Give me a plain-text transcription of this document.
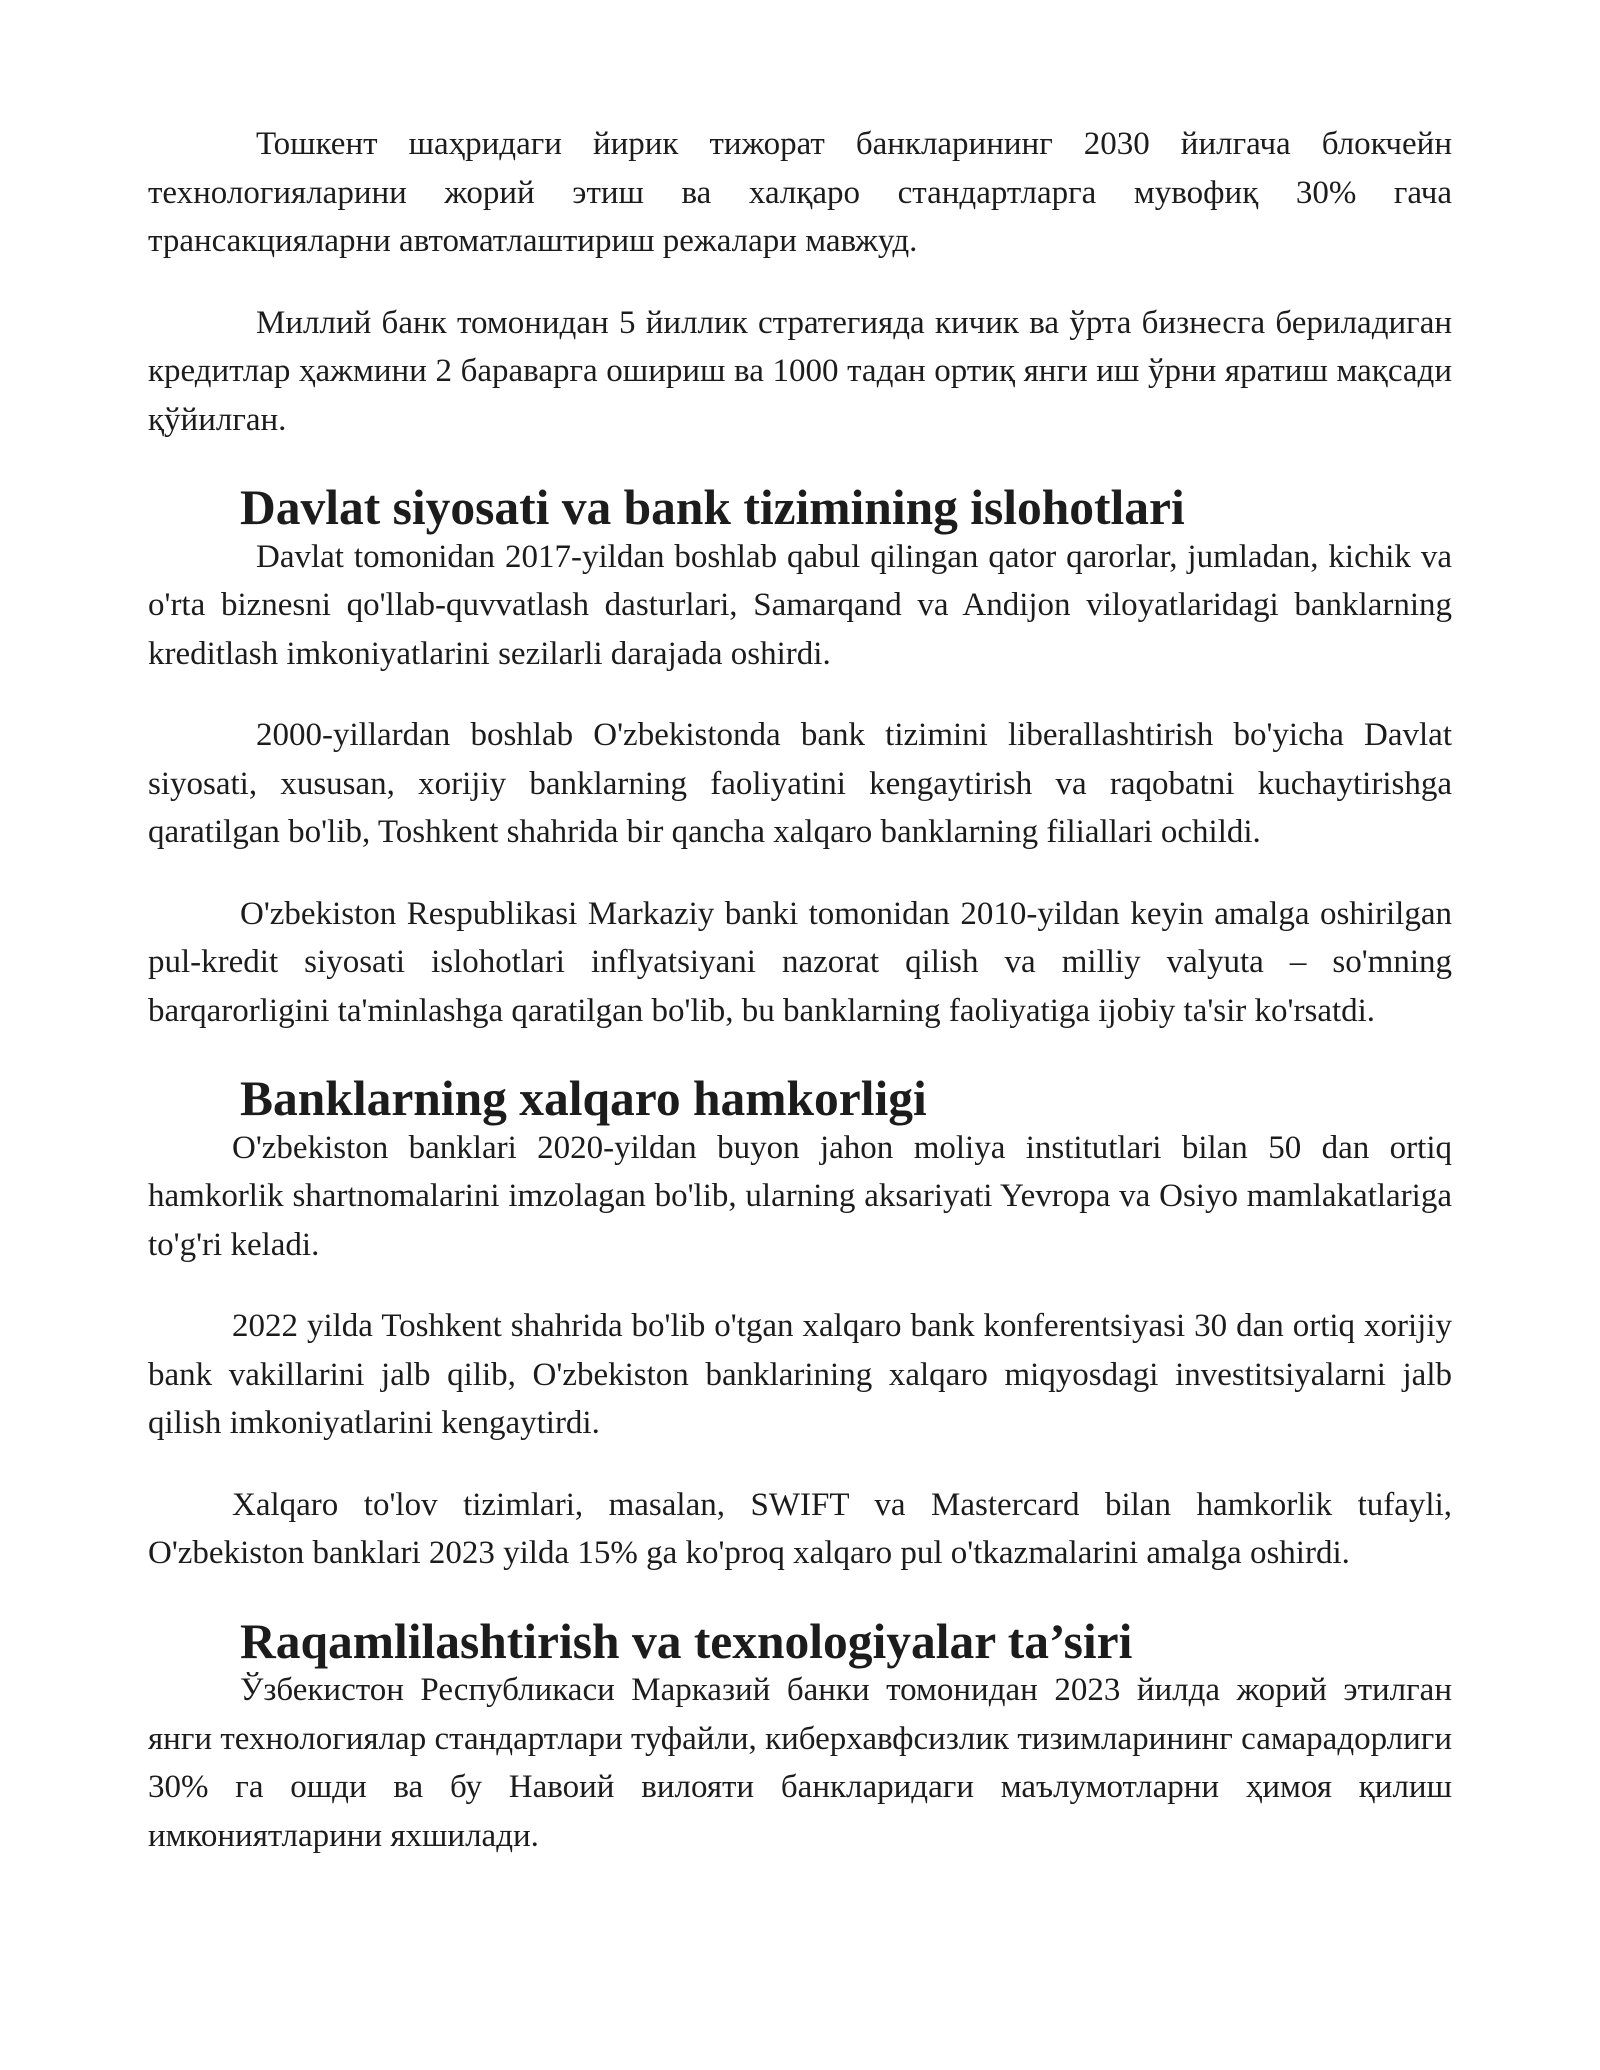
Тошкент шаҳридаги йирик тижорат банкларининг 2030 йилгача блокчейн технологияларини жорий этиш ва халқаро стандартларга мувофиқ 30% гача трансакцияларни автоматлаштириш режалари мавжуд.

Миллий банк томонидан 5 йиллик стратегияда кичик ва ўрта бизнесга бериладиган кредитлар ҳажмини 2 бараварга ошириш ва 1000 тадан ортиқ янги иш ўрни яратиш мақсади қўйилган.

Davlat siyosati va bank tizimining islohotlari

Davlat tomonidan 2017-yildan boshlab qabul qilingan qator qarorlar, jumladan, kichik va o'rta biznesni qo'llab-quvvatlash dasturlari, Samarqand va Andijon viloyatlaridagi banklarning kreditlash imkoniyatlarini sezilarli darajada oshirdi.

2000-yillardan boshlab O'zbekistonda bank tizimini liberallashtirish bo'yicha Davlat siyosati, xususan, xorijiy banklarning faoliyatini kengaytirish va raqobatni kuchaytirishga qaratilgan bo'lib, Toshkent shahrida bir qancha xalqaro banklarning filiallari ochildi.

O'zbekiston Respublikasi Markaziy banki tomonidan 2010-yildan keyin amalga oshirilgan pul-kredit siyosati islohotlari inflyatsiyani nazorat qilish va milliy valyuta – so'mning barqarorligini ta'minlashga qaratilgan bo'lib, bu banklarning faoliyatiga ijobiy ta'sir ko'rsatdi.

Banklarning xalqaro hamkorligi

O'zbekiston banklari 2020-yildan buyon jahon moliya institutlari bilan 50 dan ortiq hamkorlik shartnomalarini imzolagan bo'lib, ularning aksariyati Yevropa va Osiyo mamlakatlariga to'g'ri keladi.

2022 yilda Toshkent shahrida bo'lib o'tgan xalqaro bank konferentsiyasi 30 dan ortiq xorijiy bank vakillarini jalb qilib, O'zbekiston banklarining xalqaro miqyosdagi investitsiyalarni jalb qilish imkoniyatlarini kengaytirdi.

Xalqaro to'lov tizimlari, masalan, SWIFT va Mastercard bilan hamkorlik tufayli, O'zbekiston banklari 2023 yilda 15% ga ko'proq xalqaro pul o'tkazmalarini amalga oshirdi.

Raqamlilashtirish va texnologiyalar ta’siri

Ўзбекистон Республикаси Марказий банки томонидан 2023 йилда жорий этилган янги технологиялар стандартлари туфайли, киберхавфсизлик тизимларининг самарадорлиги 30% га ошди ва бу Навоий вилояти банкларидаги маълумотларни ҳимоя қилиш имкониятларини яхшилади.
